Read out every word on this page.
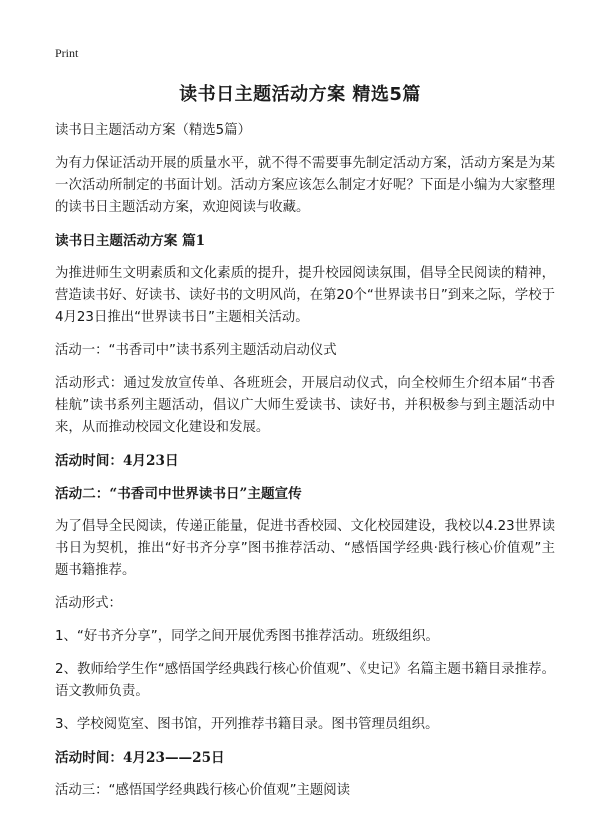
Print
读书日主题活动方案 精选5篇

读书日主题活动方案（精选5篇）

为有力保证活动开展的质量水平，就不得不需要事先制定活动方案，活动方案是为某一次活动所制定的书面计划。活动方案应该怎么制定才好呢？下面是小编为大家整理的读书日主题活动方案，欢迎阅读与收藏。

读书日主题活动方案 篇1

为推进师生文明素质和文化素质的提升，提升校园阅读氛围，倡导全民阅读的精神，营造读书好、好读书、读好书的文明风尚，在第20个“世界读书日”到来之际，学校于4月23日推出“世界读书日”主题相关活动。

活动一：“书香司中”读书系列主题活动启动仪式

活动形式：通过发放宣传单、各班班会，开展启动仪式，向全校师生介绍本届“书香桂航”读书系列主题活动，倡议广大师生爱读书、读好书，并积极参与到主题活动中来，从而推动校园文化建设和发展。

活动时间：4月23日

活动二：“书香司中世界读书日”主题宣传

为了倡导全民阅读，传递正能量，促进书香校园、文化校园建设，我校以4.23世界读书日为契机，推出“好书齐分享”图书推荐活动、“感悟国学经典·践行核心价值观”主题书籍推荐。

活动形式：

1、“好书齐分享”，同学之间开展优秀图书推荐活动。班级组织。

2、教师给学生作“感悟国学经典践行核心价值观”、《史记》名篇主题书籍目录推荐。语文教师负责。

3、学校阅览室、图书馆，开列推荐书籍目录。图书管理员组织。

活动时间：4月23——25日

活动三：“感悟国学经典践行核心价值观”主题阅读
